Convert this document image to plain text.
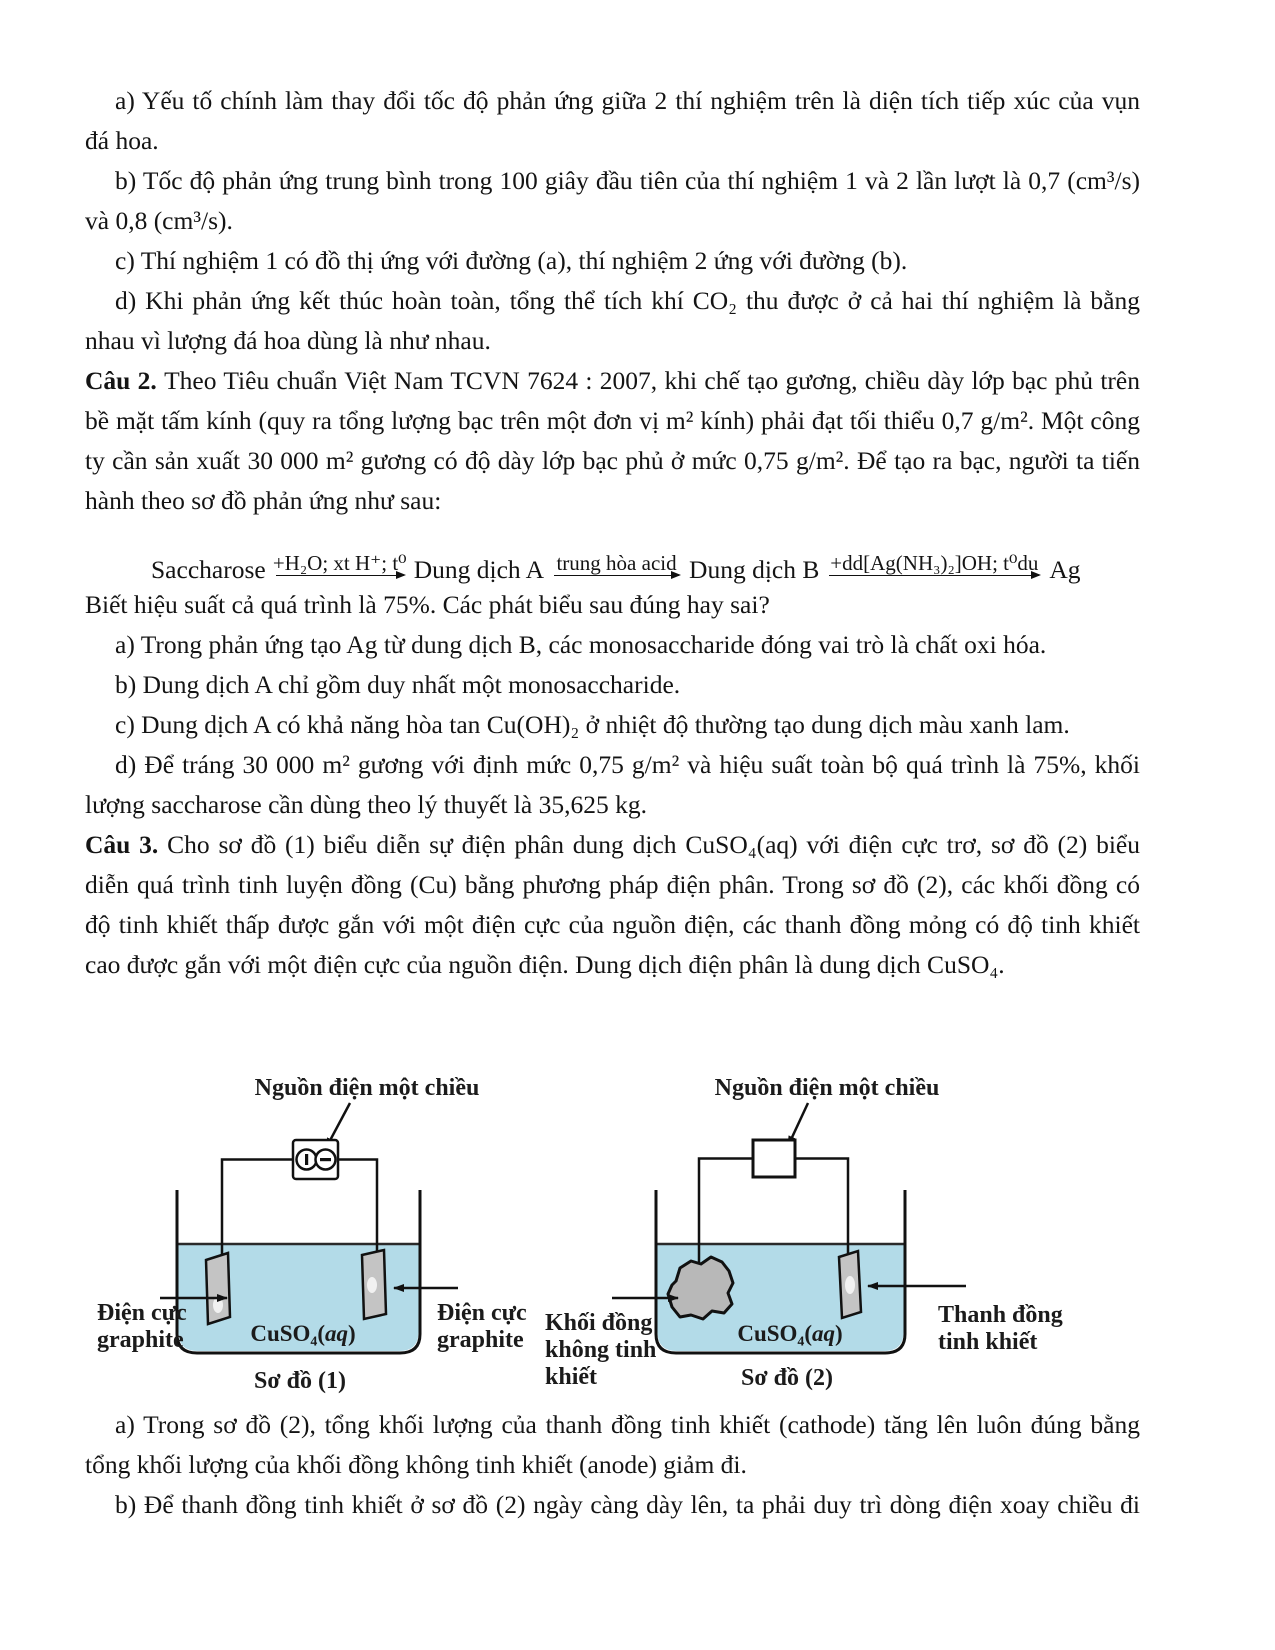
a) Yếu tố chính làm thay đổi tốc độ phản ứng giữa 2 thí nghiệm trên là diện tích tiếp xúc của vụn
đá hoa.
b) Tốc độ phản ứng trung bình trong 100 giây đầu tiên của thí nghiệm 1 và 2 lần lượt là 0,7 (cm³/s)
và 0,8 (cm³/s).
c) Thí nghiệm 1 có đồ thị ứng với đường (a), thí nghiệm 2 ứng với đường (b).
d) Khi phản ứng kết thúc hoàn toàn, tổng thể tích khí CO₂ thu được ở cả hai thí nghiệm là bằng
nhau vì lượng đá hoa dùng là như nhau.
Câu 2. Theo Tiêu chuẩn Việt Nam TCVN 7624 : 2007, khi chế tạo gương, chiều dày lớp bạc phủ trên
bề mặt tấm kính (quy ra tổng lượng bạc trên một đơn vị m² kính) phải đạt tối thiểu 0,7 g/m². Một công
ty cần sản xuất 30 000 m² gương có độ dày lớp bạc phủ ở mức 0,75 g/m². Để tạo ra bạc, người ta tiến
hành theo sơ đồ phản ứng như sau:
Saccharose +H₂O; xt H⁺; t⁰ Dung dịch A trung hòa acid Dung dịch B +dd[Ag(NH₃)₂]OH; t⁰du Ag
Biết hiệu suất cả quá trình là 75%. Các phát biểu sau đúng hay sai?
a) Trong phản ứng tạo Ag từ dung dịch B, các monosaccharide đóng vai trò là chất oxi hóa.
b) Dung dịch A chỉ gồm duy nhất một monosaccharide.
c) Dung dịch A có khả năng hòa tan Cu(OH)₂ ở nhiệt độ thường tạo dung dịch màu xanh lam.
d) Để tráng 30 000 m² gương với định mức 0,75 g/m² và hiệu suất toàn bộ quá trình là 75%, khối
lượng saccharose cần dùng theo lý thuyết là 35,625 kg.
Câu 3. Cho sơ đồ (1) biểu diễn sự điện phân dung dịch CuSO₄(aq) với điện cực trơ, sơ đồ (2) biểu
diễn quá trình tinh luyện đồng (Cu) bằng phương pháp điện phân. Trong sơ đồ (2), các khối đồng có
độ tinh khiết thấp được gắn với một điện cực của nguồn điện, các thanh đồng mỏng có độ tinh khiết
cao được gắn với một điện cực của nguồn điện. Dung dịch điện phân là dung dịch CuSO₄.
Nguồn điện một chiều
Điện cực
graphite
Điện cực
graphite
CuSO₄(aq)
Sơ đồ (1)
Nguồn điện một chiều
Khối đồng
không tinh
khiết
Thanh đồng
tinh khiết
CuSO₄(aq)
Sơ đồ (2)
a) Trong sơ đồ (2), tổng khối lượng của thanh đồng tinh khiết (cathode) tăng lên luôn đúng bằng
tổng khối lượng của khối đồng không tinh khiết (anode) giảm đi.
b) Để thanh đồng tinh khiết ở sơ đồ (2) ngày càng dày lên, ta phải duy trì dòng điện xoay chiều đi
